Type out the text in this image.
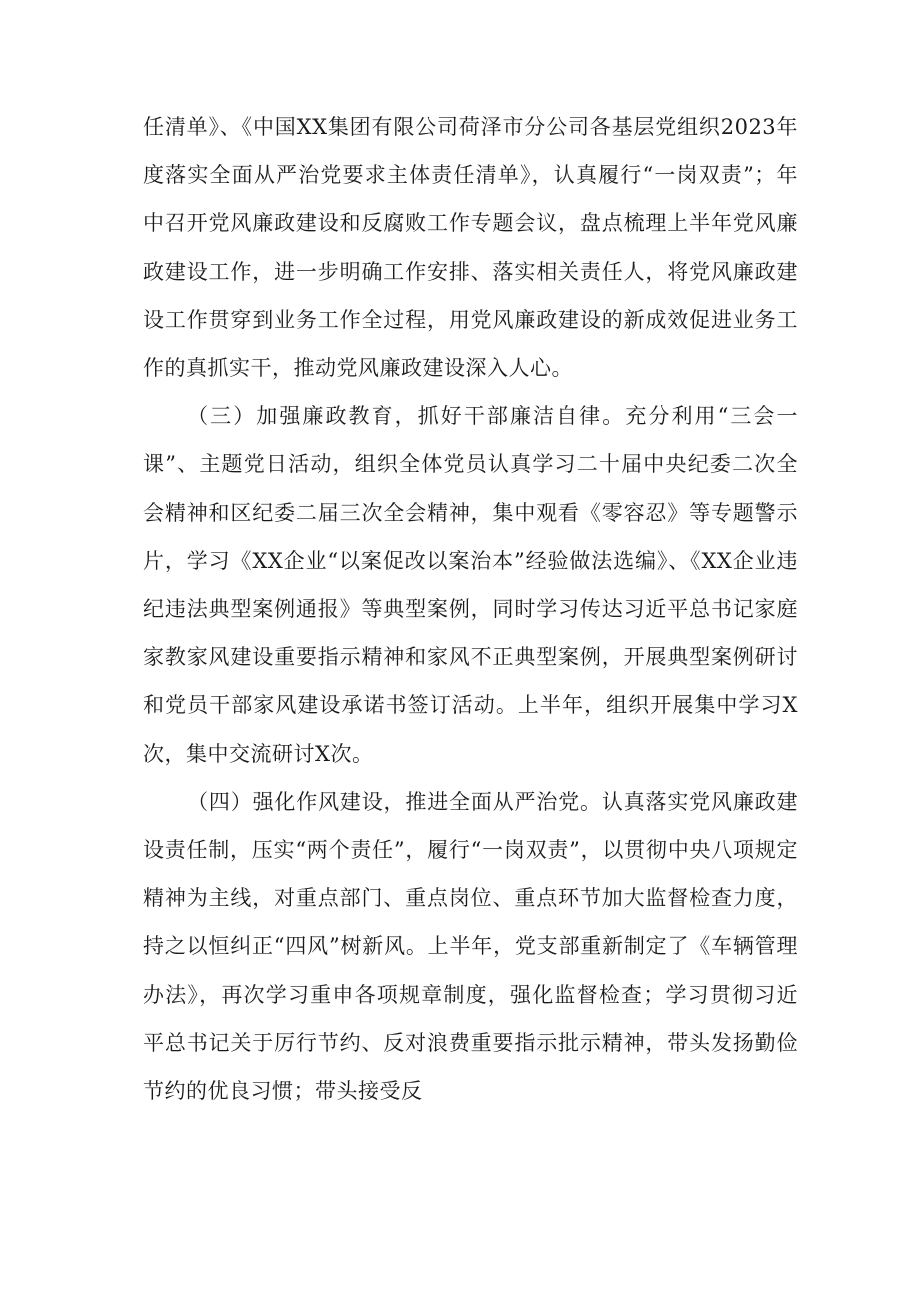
任清单》、《中国XX集团有限公司荷泽市分公司各基层党组织2023年度落实全面从严治党要求主体责任清单》，认真履行“一岗双责”；年中召开党风廉政建设和反腐败工作专题会议，盘点梳理上半年党风廉政建设工作，进一步明确工作安排、落实相关责任人，将党风廉政建设工作贯穿到业务工作全过程，用党风廉政建设的新成效促进业务工作的真抓实干，推动党风廉政建设深入人心。

（三）加强廉政教育，抓好干部廉洁自律。充分利用“三会一课”、主题党日活动，组织全体党员认真学习二十届中央纪委二次全会精神和区纪委二届三次全会精神，集中观看《零容忍》等专题警示片，学习《XX企业“以案促改以案治本”经验做法选编》、《XX企业违纪违法典型案例通报》等典型案例，同时学习传达习近平总书记家庭家教家风建设重要指示精神和家风不正典型案例，开展典型案例研讨和党员干部家风建设承诺书签订活动。上半年，组织开展集中学习X次，集中交流研讨X次。

（四）强化作风建设，推进全面从严治党。认真落实党风廉政建设责任制，压实“两个责任”，履行“一岗双责”，以贯彻中央八项规定精神为主线，对重点部门、重点岗位、重点环节加大监督检查力度，持之以恒纠正“四风”树新风。上半年，党支部重新制定了《车辆管理办法》，再次学习重申各项规章制度，强化监督检查；学习贯彻习近平总书记关于厉行节约、反对浪费重要指示批示精神，带头发扬勤俭节约的优良习惯；带头接受反
